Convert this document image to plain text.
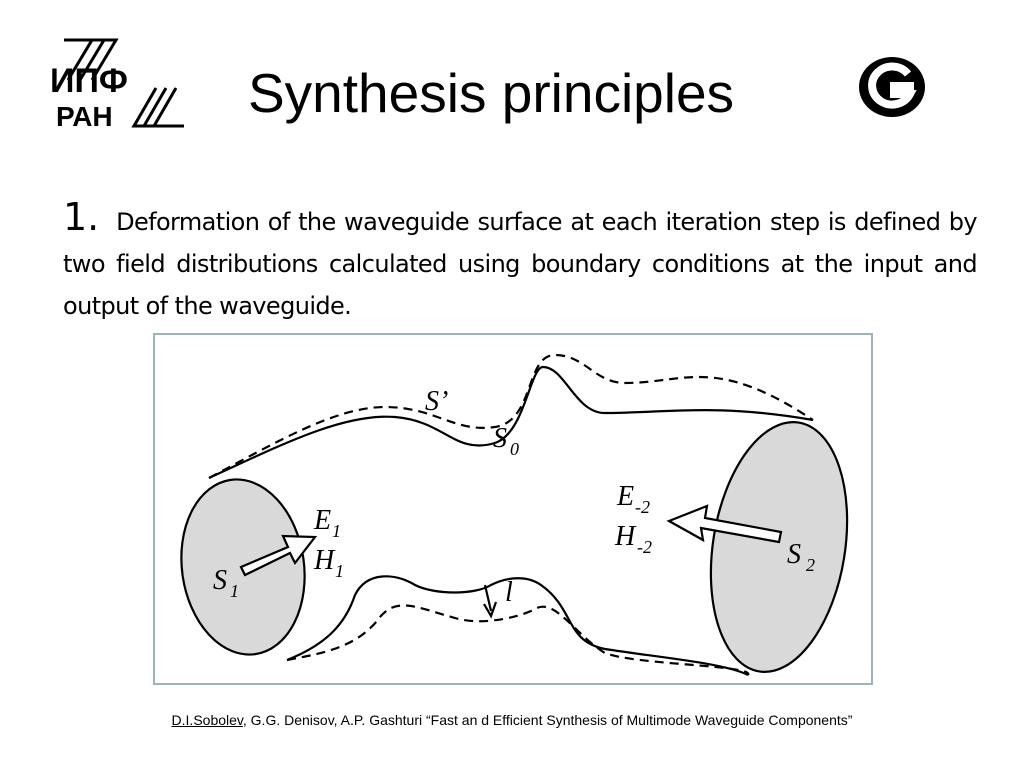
ИПФ
РАН Synthesis principles
1. Deformation of the waveguide surface at each iteration step is defined by two field distributions calculated using boundary conditions at the input and output of the waveguide.
S’
S 0
S 1
E 1
H 1
E -2
H -2	S 2
l
D.I.Sobolev, G.G. Denisov, A.P. Gashturi “Fast an d Efficient Synthesis of Multimode Waveguide Components”
